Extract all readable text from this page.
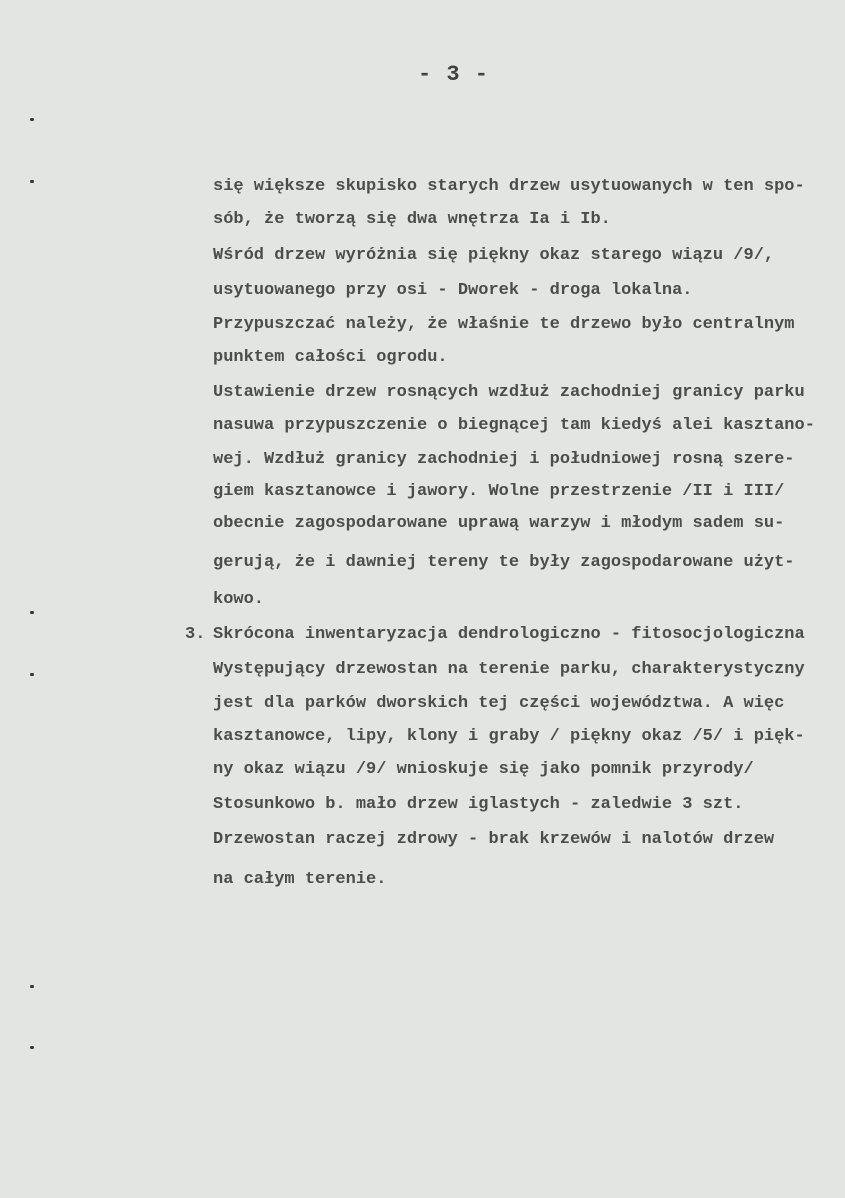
- 3 -
się większe skupisko starych drzew usytuowanych w ten spo-
sób, że tworzą się dwa wnętrza Ia i Ib.
Wśród drzew wyróżnia się piękny okaz starego wiązu /9/,
usytuowanego przy osi - Dworek - droga lokalna.
Przypuszczać należy, że właśnie te drzewo było centralnym
punktem całości ogrodu.
Ustawienie drzew rosnących wzdłuż zachodniej granicy parku
nasuwa przypuszczenie o biegnącej tam kiedyś alei kasztano-
wej. Wzdłuż granicy zachodniej i południowej rosną szere-
giem kasztanowce i jawory. Wolne przestrzenie /II i III/
obecnie zagospodarowane uprawą warzyw i młodym sadem su-
gerują, że i dawniej tereny te były zagospodarowane użyt-
kowo.
3. Skrócona inwentaryzacja dendrologiczno - fitosocjologiczna
Występujący drzewostan na terenie parku, charakterystyczny
jest dla parków dworskich tej części województwa. A więc
kasztanowce, lipy, klony i graby / piękny okaz /5/ i pięk-
ny okaz wiązu /9/ wnioskuje się jako pomnik przyrody/
Stosunkowo b. mało drzew iglastych - zaledwie 3 szt.
Drzewostan raczej zdrowy - brak krzewów i nalotów drzew
na całym terenie.
